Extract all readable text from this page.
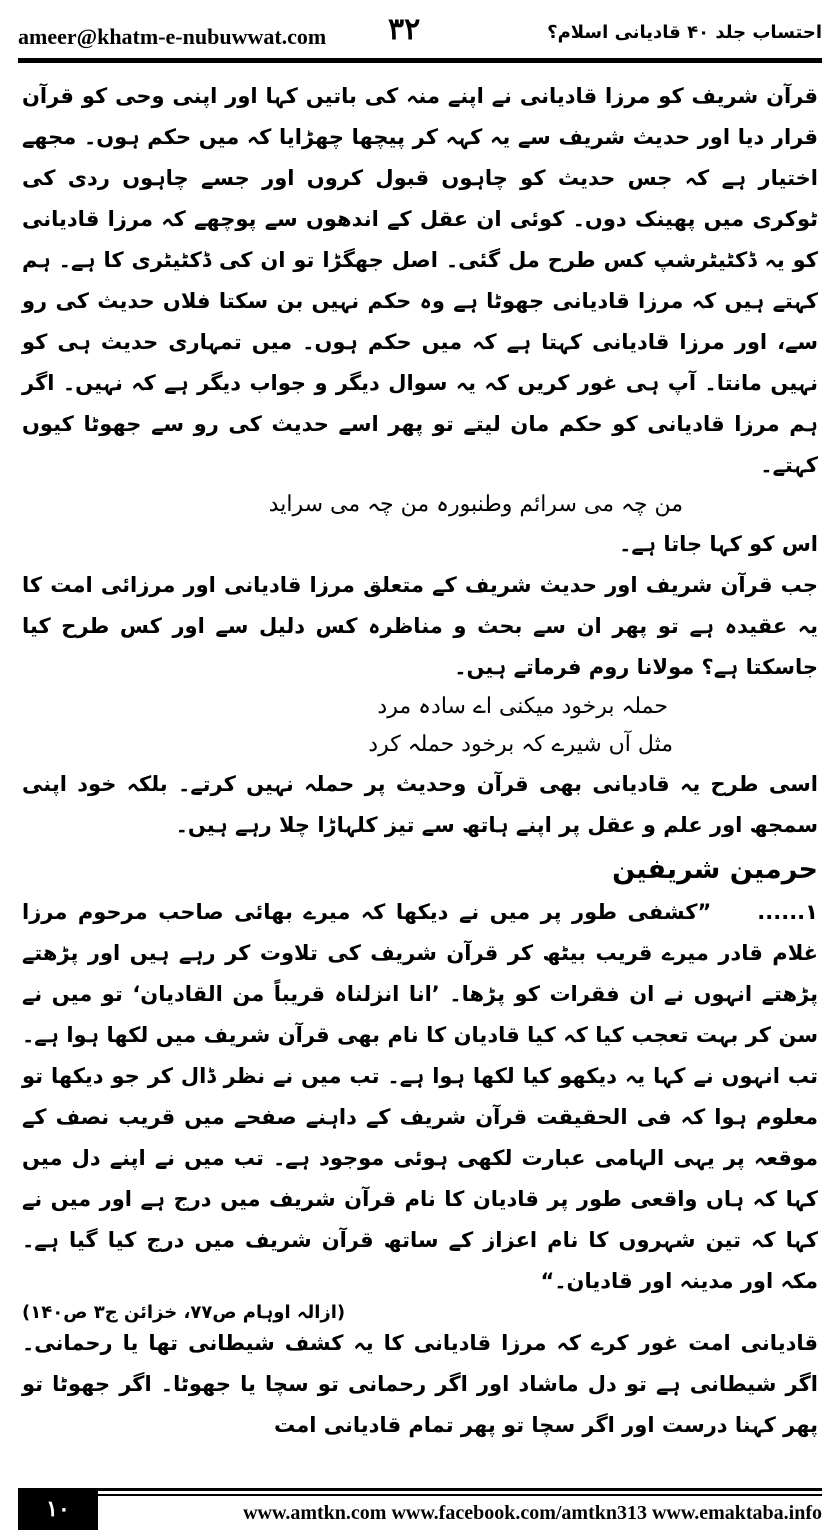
ameer@khatm-e-nubuwwat.com ۳۲	احتساب جلد ۴۰ قادیانی اسلام؟

قرآن شریف کو مرزا قادیانی نے اپنے منہ کی باتیں کہا اور اپنی وحی کو قرآن قرار دیا اور حدیث شریف سے یہ کہہ کر پیچھا چھڑایا کہ میں حکم ہوں۔ مجھے اختیار ہے کہ جس حدیث کو چاہوں قبول کروں اور جسے چاہوں ردی کی ٹوکری میں پھینک دوں۔ کوئی ان عقل کے اندھوں سے پوچھے کہ مرزا قادیانی کو یہ ڈکٹیٹرشپ کس طرح مل گئی۔ اصل جھگڑا تو ان کی ڈکٹیٹری کا ہے۔ ہم کہتے ہیں کہ مرزا قادیانی جھوٹا ہے وہ حکم نہیں بن سکتا فلاں حدیث کی رو سے، اور مرزا قادیانی کہتا ہے کہ میں حکم ہوں۔ میں تمہاری حدیث ہی کو نہیں مانتا۔ آپ ہی غور کریں کہ یہ سوال دیگر و جواب دیگر ہے کہ نہیں۔ اگر ہم مرزا قادیانی کو حکم مان لیتے تو پھر اسے حدیث کی رو سے جھوٹا کیوں کہتے۔

من چہ می سرائم وطنبورہ من چہ می سراید

اس کو کہا جاتا ہے۔

جب قرآن شریف اور حدیث شریف کے متعلق مرزا قادیانی اور مرزائی امت کا یہ عقیدہ ہے تو پھر ان سے بحث و مناظرہ کس دلیل سے اور کس طرح کیا جاسکتا ہے؟ مولانا روم فرماتے ہیں۔

حملہ برخود میکنی اے سادہ مرد

مثل آں شیرے کہ برخود حملہ کرد

اسی طرح یہ قادیانی بھی قرآن وحدیث پر حملہ نہیں کرتے۔ بلکہ خود اپنی سمجھ اور علم و عقل پر اپنے ہاتھ سے تیز کلہاڑا چلا رہے ہیں۔

حرمین شریفین

۱......”کشفی طور پر میں نے دیکھا کہ میرے بھائی صاحب مرحوم مرزا غلام قادر میرے قریب بیٹھ کر قرآن شریف کی تلاوت کر رہے ہیں اور پڑھتے پڑھتے انہوں نے ان فقرات کو پڑھا۔ ’انا انزلناہ قریباً من القادیان‘ تو میں نے سن کر بہت تعجب کیا کہ کیا قادیان کا نام بھی قرآن شریف میں لکھا ہوا ہے۔ تب انہوں نے کہا یہ دیکھو کیا لکھا ہوا ہے۔ تب میں نے نظر ڈال کر جو دیکھا تو معلوم ہوا کہ فی الحقیقت قرآن شریف کے داہنے صفحے میں قریب نصف کے موقعہ پر یہی الہامی عبارت لکھی ہوئی موجود ہے۔ تب میں نے اپنے دل میں کہا کہ ہاں واقعی طور پر قادیان کا نام قرآن شریف میں درج ہے اور میں نے کہا کہ تین شہروں کا نام اعزاز کے ساتھ قرآن شریف میں درج کیا گیا ہے۔ مکہ اور مدینہ اور قادیان۔“

(ازالہ اوہام ص۷۷، خزائن ج۳ ص۱۴۰)

قادیانی امت غور کرے کہ مرزا قادیانی کا یہ کشف شیطانی تھا یا رحمانی۔ اگر شیطانی ہے تو دل ماشاد اور اگر رحمانی تو سچا یا جھوٹا۔ اگر جھوٹا تو پھر کہنا درست اور اگر سچا تو پھر تمام قادیانی امت

۱۰	www.amtkn.com www.facebook.com/amtkn313 www.emaktaba.info
